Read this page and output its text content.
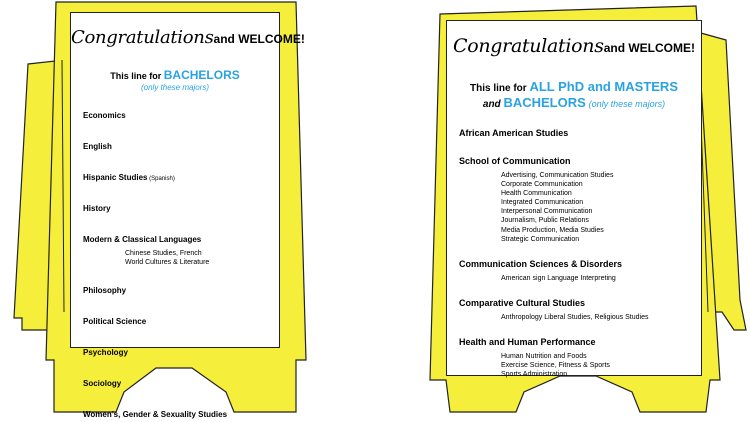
Congratulationsand WELCOME!
This line for BACHELORS
(only these majors)
Economics
English
Hispanic Studies (Spanish)
History
Modern & Classical Languages
Chinese Studies, French
World Cultures & Literature
Philosophy
Political Science
Psychology
Sociology
Women’s, Gender & Sexuality Studies
Congratulationsand WELCOME!
This line for ALL PhD and MASTERS
and BACHELORS (only these majors)
African American Studies
School of Communication
Advertising, Communication Studies
Corporate Communication
Health Communication
Integrated Communication
Interpersonal Communication
Journalism, Public Relations
Media Production, Media Studies
Strategic Communication
Communication Sciences & Disorders
American sign Language Interpreting
Comparative Cultural Studies
Anthropology Liberal Studies, Religious Studies
Health and Human Performance
Human Nutrition and Foods
Exercise Science, Fitness & Sports
Sports Administration
